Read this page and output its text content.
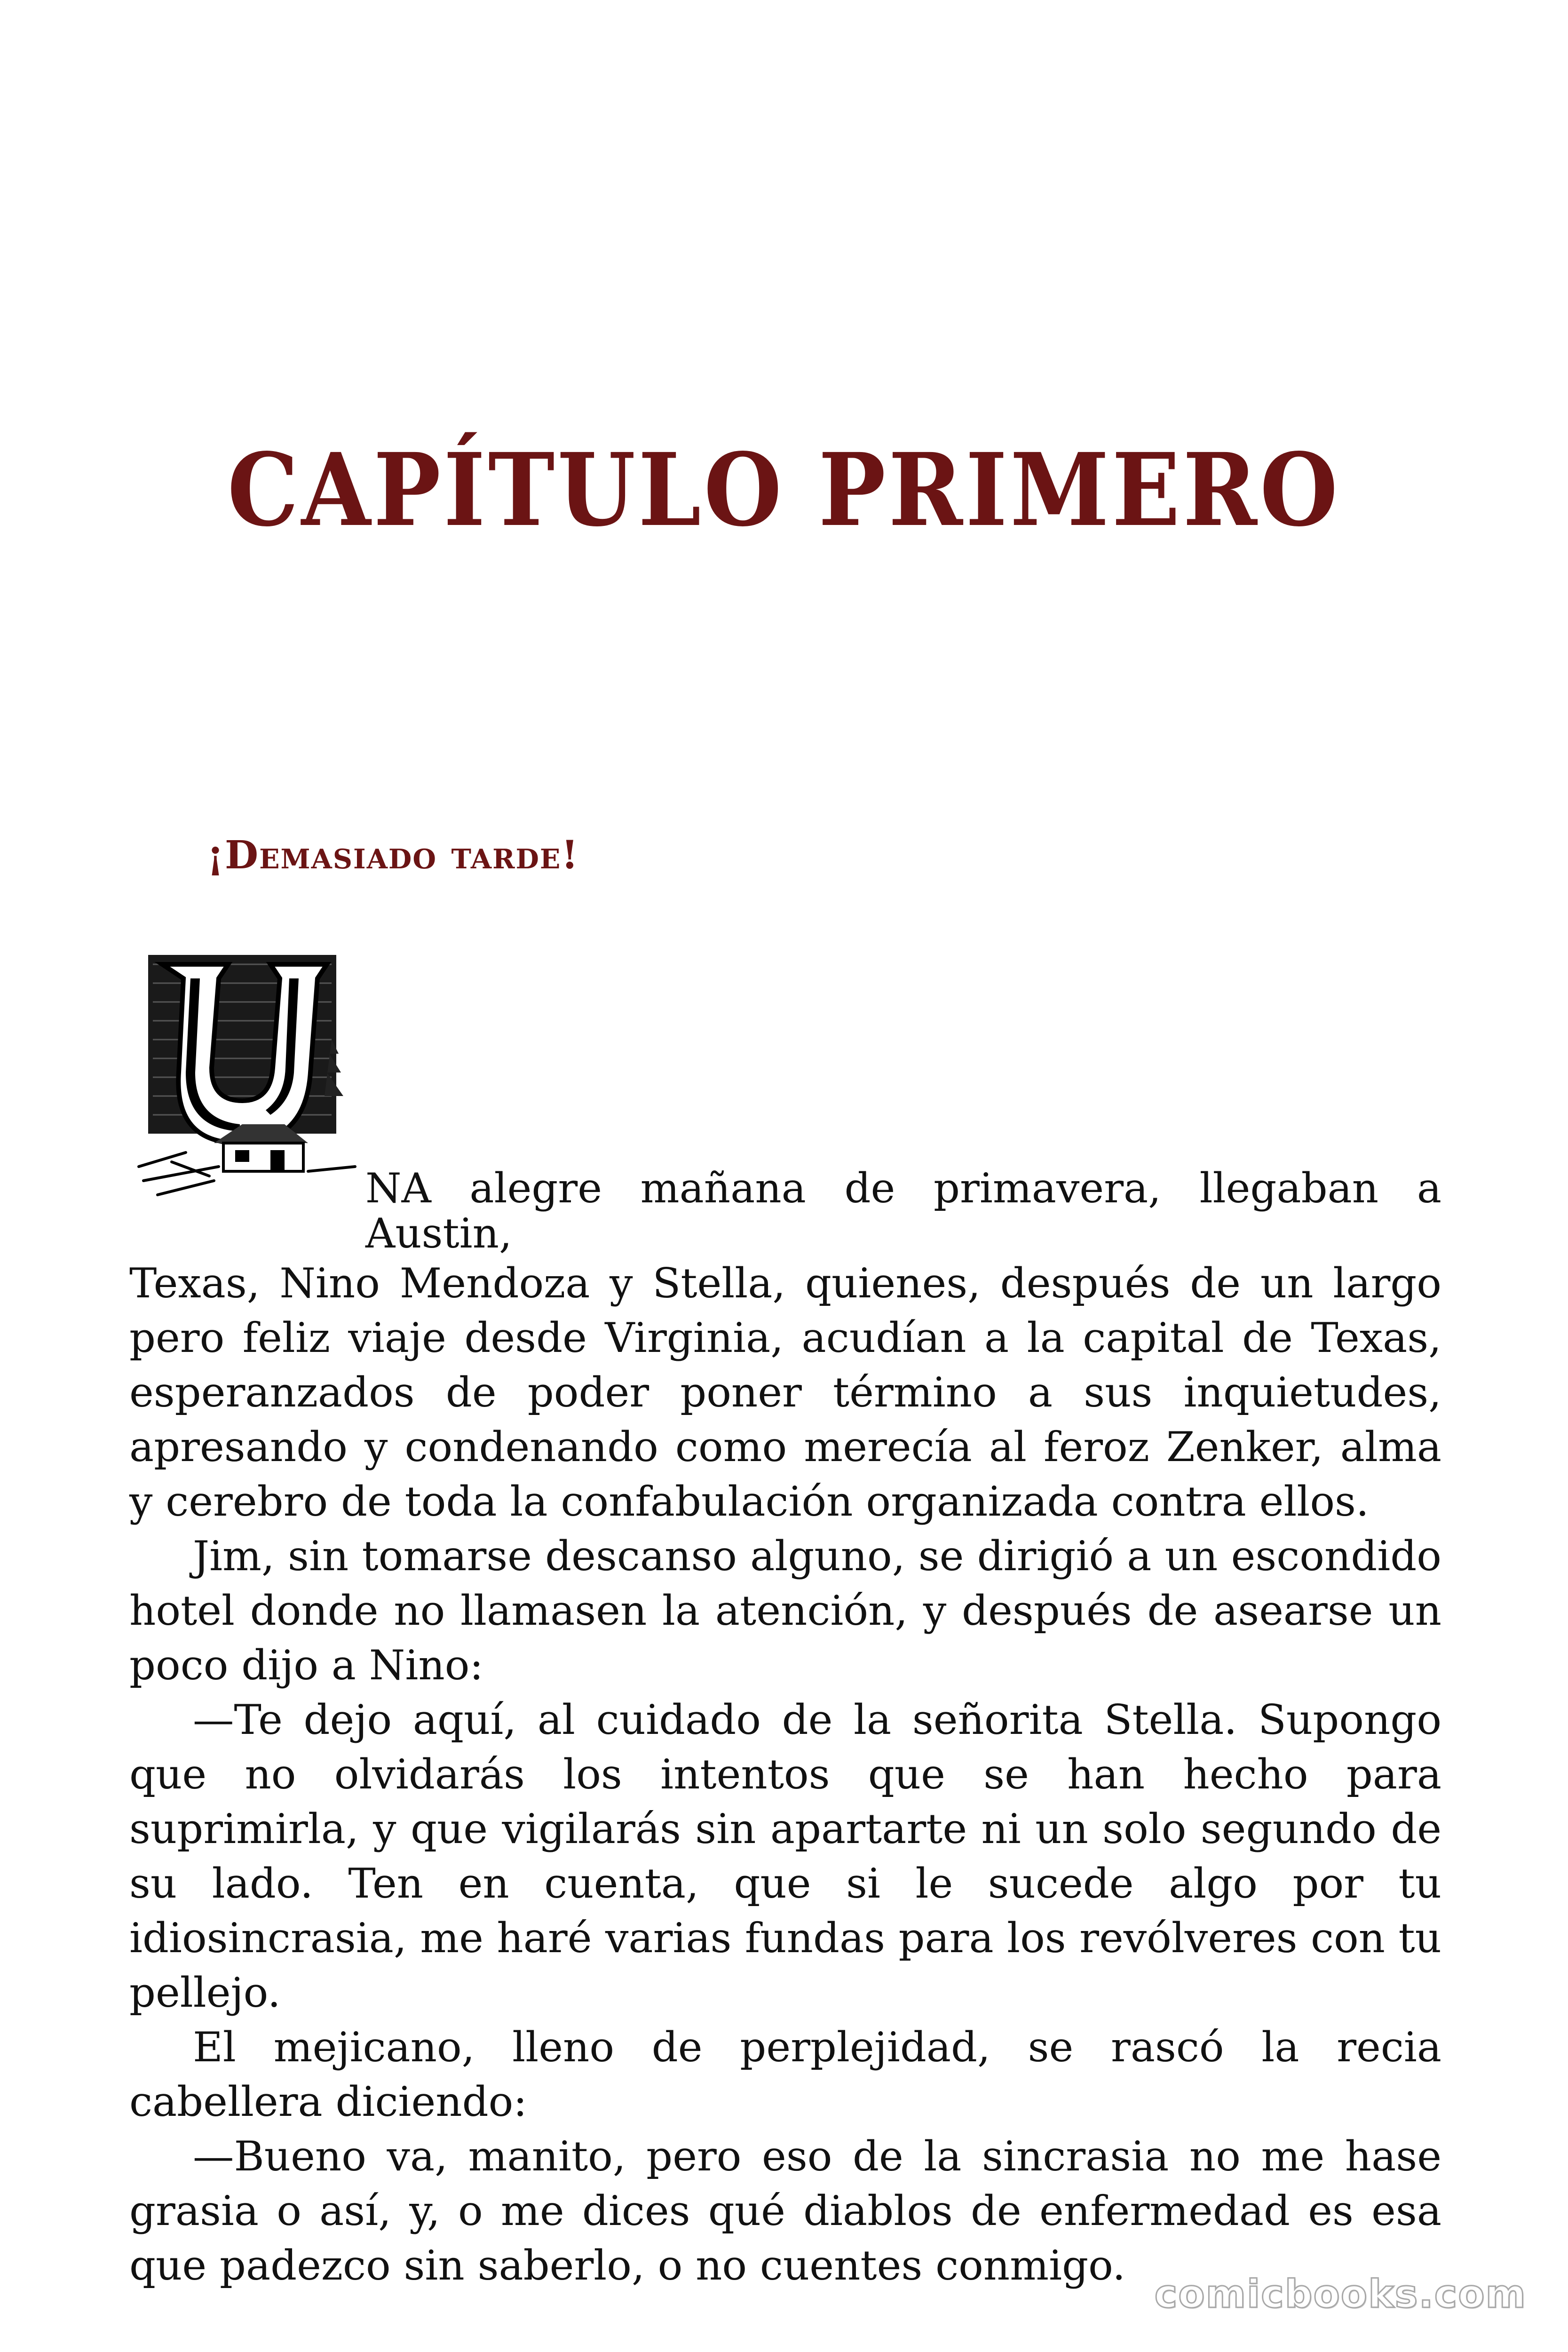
CAPÍTULO PRIMERO
¡Demasiado tarde!

NA alegre mañana de primavera, llegaban a Austin,
Texas, Nino Mendoza y Stella, quienes, después de un largo pero feliz viaje desde Virginia, acudían a la capital de Texas, esperanzados de poder poner término a sus inquietudes, apresando y condenando como merecía al feroz Zenker, alma y cerebro de toda la confabulación organizada contra ellos.

Jim, sin tomarse descanso alguno, se dirigió a un escondido hotel donde no llamasen la atención, y después de asearse un poco dijo a Nino:

—Te dejo aquí, al cuidado de la señorita Stella. Supongo que no olvidarás los intentos que se han hecho para suprimirla, y que vigilarás sin apartarte ni un solo segundo de su lado. Ten en cuenta, que si le sucede algo por tu idiosincrasia, me haré varias fundas para los revólveres con tu pellejo.

El mejicano, lleno de perplejidad, se rascó la recia cabellera diciendo:

—Bueno va, manito, pero eso de la sincrasia no me hase grasia o así, y, o me dices qué diablos de enfermedad es esa que padezco sin saberlo, o no cuentes conmigo.

comicbooks.com
